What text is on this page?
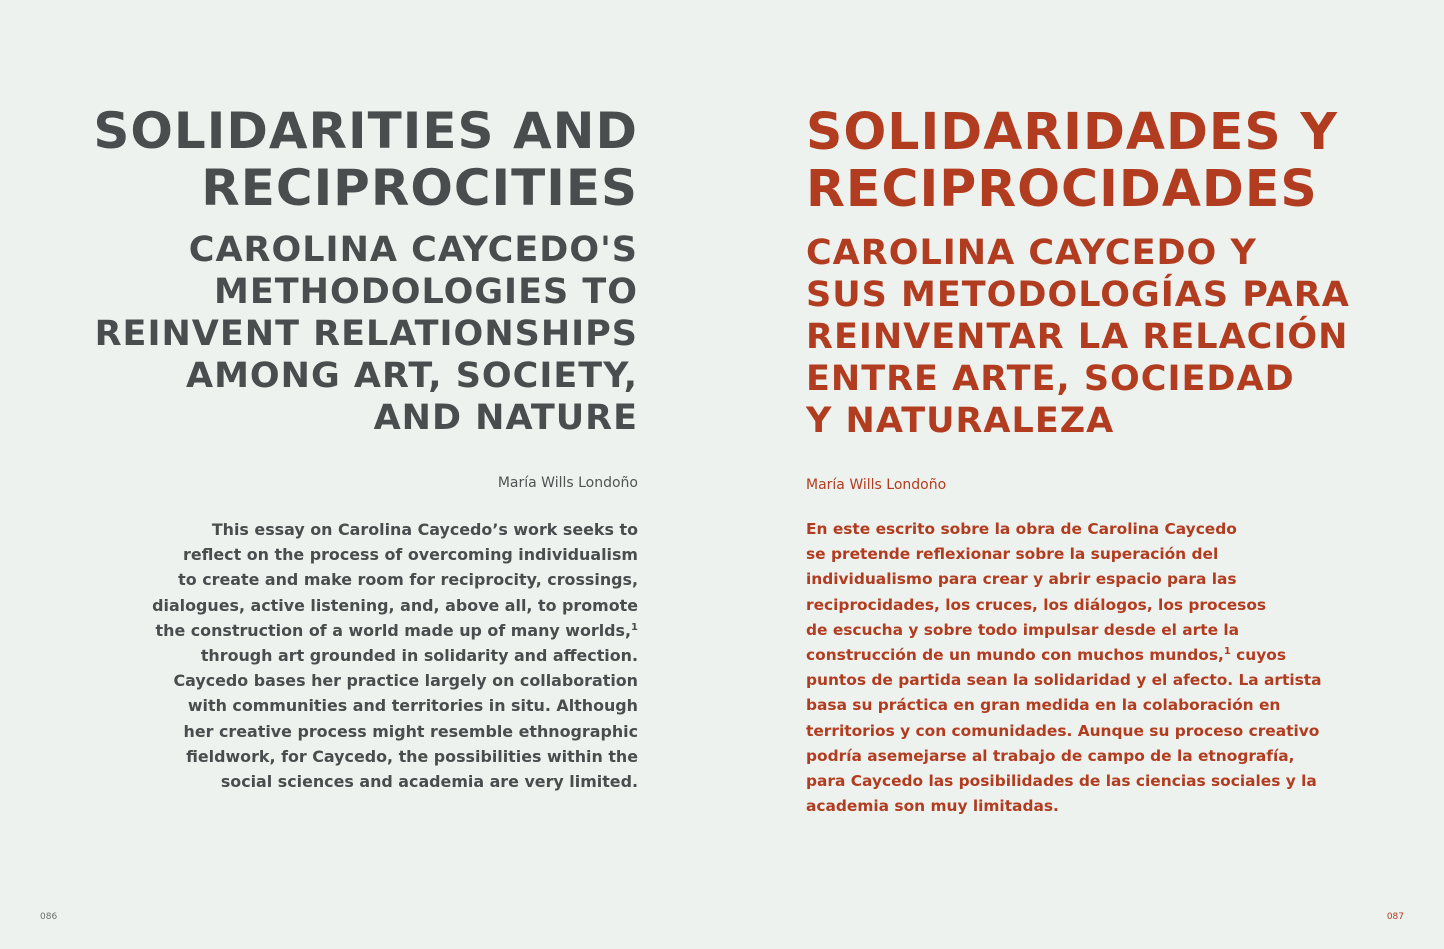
SOLIDARITIES AND
RECIPROCITIES
CAROLINA CAYCEDO'S
METHODOLOGIES TO
REINVENT RELATIONSHIPS
AMONG ART, SOCIETY,
AND NATURE

María Wills Londoño

This essay on Carolina Caycedo’s work seeks to
reflect on the process of overcoming individualism
to create and make room for reciprocity, crossings,
dialogues, active listening, and, above all, to promote
the construction of a world made up of many worlds,$^1$
through art grounded in solidarity and affection.
Caycedo bases her practice largely on collaboration
with communities and territories in situ. Although
her creative process might resemble ethnographic
fieldwork, for Caycedo, the possibilities within the
social sciences and academia are very limited.

086
SOLIDARIDADES Y
RECIPROCIDADES
CAROLINA CAYCEDO Y
SUS METODOLOGÍAS PARA
REINVENTAR LA RELACIÓN
ENTRE ARTE, SOCIEDAD
Y NATURALEZA

María Wills Londoño

En este escrito sobre la obra de Carolina Caycedo
se pretende reflexionar sobre la superación del
individualismo para crear y abrir espacio para las
reciprocidades, los cruces, los diálogos, los procesos
de escucha y sobre todo impulsar desde el arte la
construcción de un mundo con muchos mundos,$^1$ cuyos
puntos de partida sean la solidaridad y el afecto. La artista
basa su práctica en gran medida en la colaboración en
territorios y con comunidades. Aunque su proceso creativo
podría asemejarse al trabajo de campo de la etnografía,
para Caycedo las posibilidades de las ciencias sociales y la
academia son muy limitadas.

087
